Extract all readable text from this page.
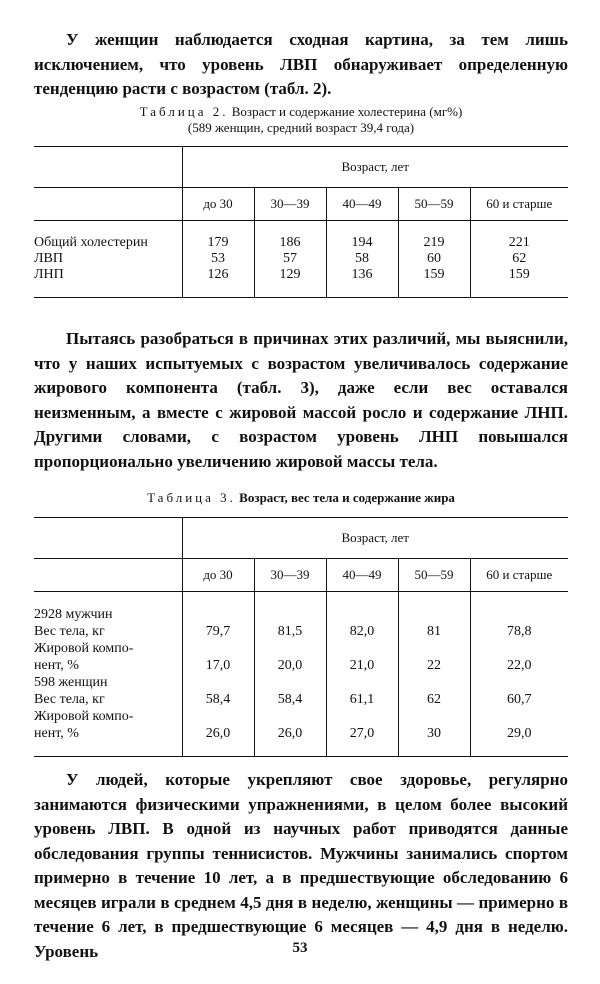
У женщин наблюдается сходная картина, за тем лишь исключением, что уровень ЛВП обнаруживает определенную тенденцию расти с возрастом (табл. 2).

Таблица 2. Возраст и содержание холестерина (мг%)
(589 женщин, средний возраст 39,4 года)
	Возраст, лет				
	до 30	30—39	40—49	50—59	60 и старше

Общий холестерин	179	186	194	219	221
ЛВП	53	57	58	60	62
ЛНП	126	129	136	159	159

Пытаясь разобраться в причинах этих различий, мы выяснили, что у наших испытуемых с возрастом увеличивалось содержание жирового компонента (табл. 3), даже если вес оставался неизменным, а вместе с жировой массой росло и содержание ЛНП. Другими словами, с возрастом уровень ЛНП повышался пропорционально увеличению жировой массы тела.

Таблица 3. Возраст, вес тела и содержание жира
	Возраст, лет				
	до 30	30—39	40—49	50—59	60 и старше

2928 мужчин					
Вес тела, кг	79,7	81,5	82,0	81	78,8
Жировой компо-					
нент, %	17,0	20,0	21,0	22	22,0
598 женщин					
Вес тела, кг	58,4	58,4	61,1	62	60,7
Жировой компо-					
нент, %	26,0	26,0	27,0	30	29,0

У людей, которые укрепляют свое здоровье, регулярно занимаются физическими упражнениями, в целом более высокий уровень ЛВП. В одной из научных работ приводятся данные обследования группы теннисистов. Мужчины занимались спортом примерно в течение 10 лет, а в предшествующие обследованию 6 месяцев играли в среднем 4,5 дня в неделю, женщины — примерно в течение 6 лет, в предшествующие 6 месяцев — 4,9 дня в неделю. Уровень	53
